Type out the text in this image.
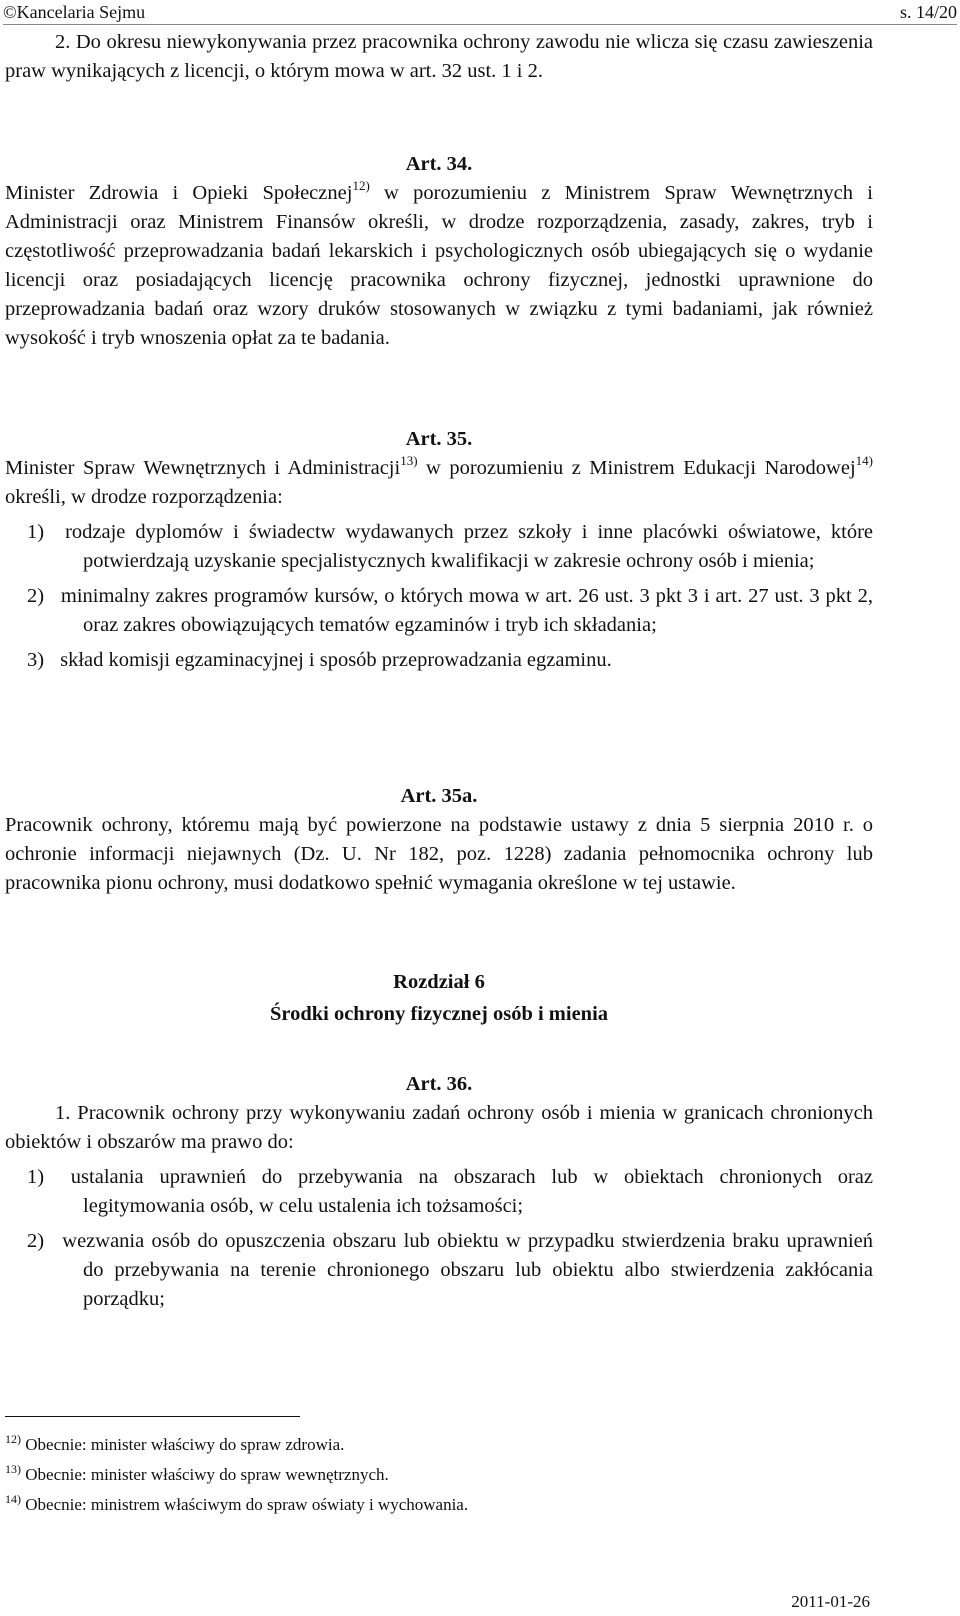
©Kancelaria Sejmu	s. 14/20

2. Do okresu niewykonywania przez pracownika ochrony zawodu nie wlicza się czasu zawieszenia praw wynikających z licencji, o którym mowa w art. 32 ust. 1 i 2.

Art. 34.

Minister Zdrowia i Opieki Społecznej$^{12)}$ w porozumieniu z Ministrem Spraw Wewnętrznych i Administracji oraz Ministrem Finansów określi, w drodze rozporządzenia, zasady, zakres, tryb i częstotliwość przeprowadzania badań lekarskich i psychologicznych osób ubiegających się o wydanie licencji oraz posiadających licencję pracownika ochrony fizycznej, jednostki uprawnione do przeprowadzania badań oraz wzory druków stosowanych w związku z tymi badaniami, jak również wysokość i tryb wnoszenia opłat za te badania.

Art. 35.

Minister Spraw Wewnętrznych i Administracji$^{13)}$ w porozumieniu z Ministrem Edukacji Narodowej$^{14)}$ określi, w drodze rozporządzenia:

1) rodzaje dyplomów i świadectw wydawanych przez szkoły i inne placówki oświatowe, które potwierdzają uzyskanie specjalistycznych kwalifikacji w zakresie ochrony osób i mienia;

2) minimalny zakres programów kursów, o których mowa w art. 26 ust. 3 pkt 3 i art. 27 ust. 3 pkt 2, oraz zakres obowiązujących tematów egzaminów i tryb ich składania;

3) skład komisji egzaminacyjnej i sposób przeprowadzania egzaminu.

Art. 35a.

Pracownik ochrony, któremu mają być powierzone na podstawie ustawy z dnia 5 sierpnia 2010 r. o ochronie informacji niejawnych (Dz. U. Nr 182, poz. 1228) zadania pełnomocnika ochrony lub pracownika pionu ochrony, musi dodatkowo spełnić wymagania określone w tej ustawie.

Rozdział 6

Środki ochrony fizycznej osób i mienia

Art. 36.

1. Pracownik ochrony przy wykonywaniu zadań ochrony osób i mienia w granicach chronionych obiektów i obszarów ma prawo do:

1) ustalania uprawnień do przebywania na obszarach lub w obiektach chronionych oraz legitymowania osób, w celu ustalenia ich tożsamości;

2) wezwania osób do opuszczenia obszaru lub obiektu w przypadku stwierdzenia braku uprawnień do przebywania na terenie chronionego obszaru lub obiektu albo stwierdzenia zakłócania porządku;

$^{12)}$ Obecnie: minister właściwy do spraw zdrowia.

$^{13)}$ Obecnie: minister właściwy do spraw wewnętrznych.

$^{14)}$ Obecnie: ministrem właściwym do spraw oświaty i wychowania.

2011-01-26
